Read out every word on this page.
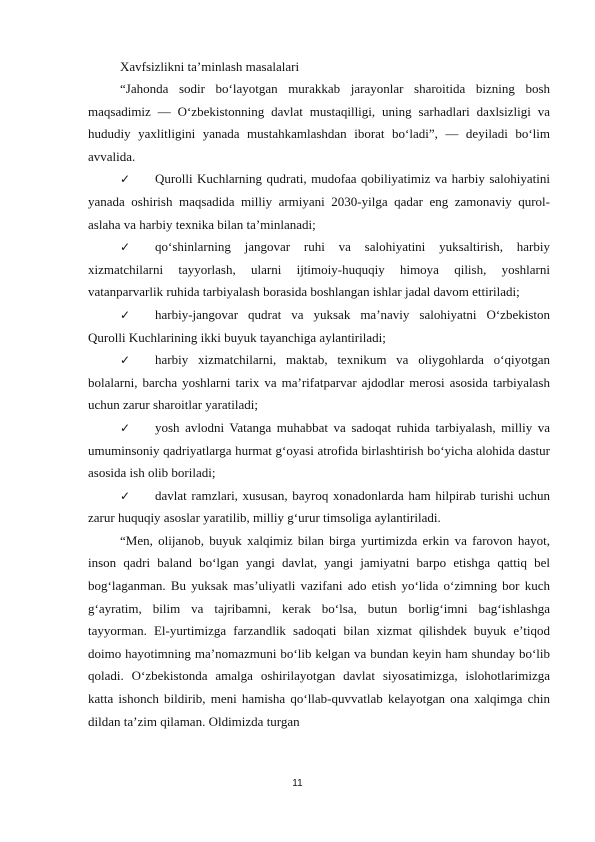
Xavfsizlikni ta’minlash masalalari

“Jahonda sodir bo‘layotgan murakkab jarayonlar sharoitida bizning bosh maqsadimiz — O‘zbekistonning davlat mustaqilligi, uning sarhadlari daxlsizligi va hududiy yaxlitligini yanada mustahkamlashdan iborat bo‘ladi”, — deyiladi bo‘lim avvalida.

✓ Qurolli Kuchlarning qudrati, mudofaa qobiliyatimiz va harbiy salohiyatini yanada oshirish maqsadida milliy armiyani 2030-yilga qadar eng zamonaviy qurol-aslaha va harbiy texnika bilan ta’minlanadi;

✓ qo‘shinlarning jangovar ruhi va salohiyatini yuksaltirish, harbiy xizmatchilarni tayyorlash, ularni ijtimoiy-huquqiy himoya qilish, yoshlarni vatanparvarlik ruhida tarbiyalash borasida boshlangan ishlar jadal davom ettiriladi;

✓ harbiy-jangovar qudrat va yuksak ma’naviy salohiyatni O‘zbekiston Qurolli Kuchlarining ikki buyuk tayanchiga aylantiriladi;

✓ harbiy xizmatchilarni, maktab, texnikum va oliygohlarda o‘qiyotgan bolalarni, barcha yoshlarni tarix va ma’rifatparvar ajdodlar merosi asosida tarbiyalash uchun zarur sharoitlar yaratiladi;

✓ yosh avlodni Vatanga muhabbat va sadoqat ruhida tarbiyalash, milliy va umuminsoniy qadriyatlarga hurmat g‘oyasi atrofida birlashtirish bo‘yicha alohida dastur asosida ish olib boriladi;

✓ davlat ramzlari, xususan, bayroq xonadonlarda ham hilpirab turishi uchun zarur huquqiy asoslar yaratilib, milliy g‘urur timsoliga aylantiriladi.

“Men, olijanob, buyuk xalqimiz bilan birga yurtimizda erkin va farovon hayot, inson qadri baland bo‘lgan yangi davlat, yangi jamiyatni barpo etishga qattiq bel bog‘laganman. Bu yuksak mas’uliyatli vazifani ado etish yo‘lida o‘zimning bor kuch g‘ayratim, bilim va tajribamni, kerak bo‘lsa, butun borlig‘imni bag‘ishlashga tayyorman. El-yurtimizga farzandlik sadoqati bilan xizmat qilishdek buyuk e’tiqod doimo hayotimning ma’nomazmuni bo‘lib kelgan va bundan keyin ham shunday bo‘lib qoladi. O‘zbekistonda amalga oshirilayotgan davlat siyosatimizga, islohotlarimizga katta ishonch bildirib, meni hamisha qo‘llab-quvvatlab kelayotgan ona xalqimga chin dildan ta’zim qilaman. Oldimizda turgan

11
